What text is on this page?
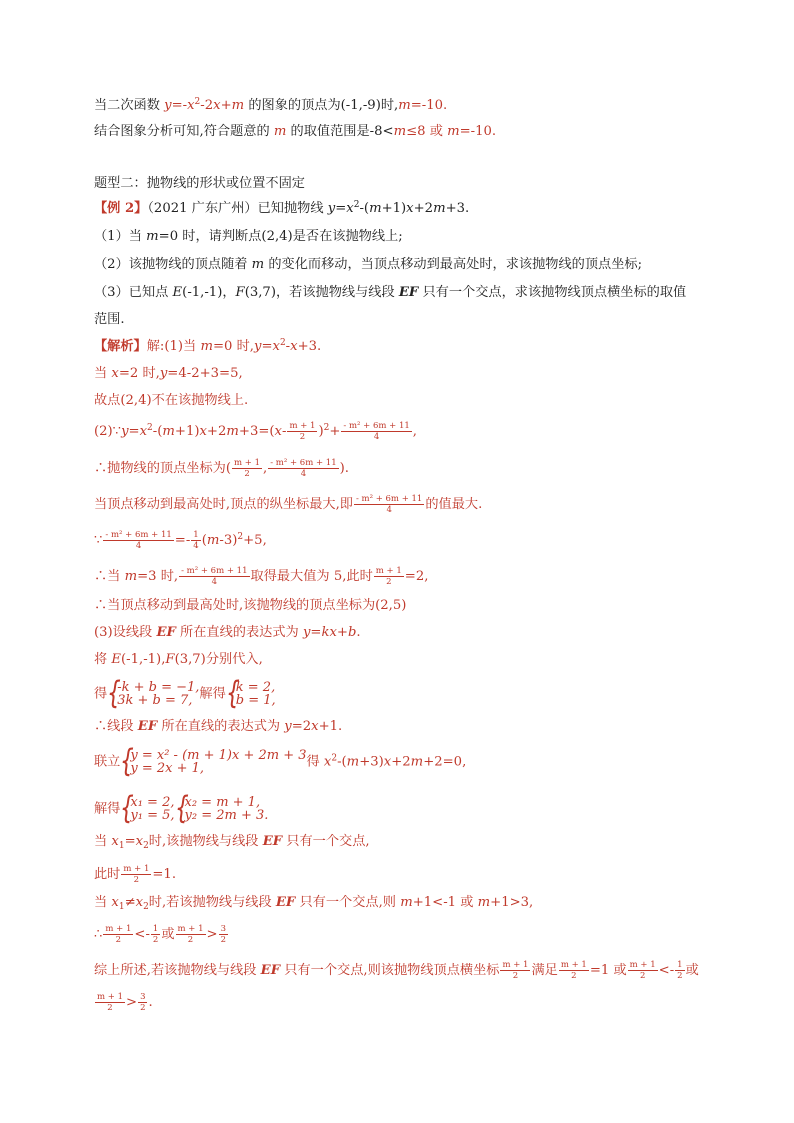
当二次函数 $y=-x^2-2x+m$ 的图象的顶点为(-1,-9)时,m=-10.
结合图象分析可知,符合题意的 m 的取值范围是-8<m≤8 或 m=-10.
题型二：抛物线的形状或位置不固定
【例 2】（2021 广东广州）已知抛物线 $y=x^2-(m+1)x+2m+3$.
（1）当 m=0 时，请判断点(2,4)是否在该抛物线上;
（2）该抛物线的顶点随着 m 的变化而移动，当顶点移动到最高处时，求该抛物线的顶点坐标;
（3）已知点 E(-1,-1)，F(3,7)，若该抛物线与线段 EF 只有一个交点，求该抛物线顶点横坐标的取值
范围.
【解析】解:(1)当 m=0 时$,y=x^2-x+3$.
当 x=2 时,y=4-2+3=5,
故点(2,4)不在该抛物线上.
$(2)\because y=x^2-(m+1)x+2m+3=(x- \frac{m + 1}{2} )^2+ \frac{\text{- m² + 6m + 11}}{4}$ ,
∴抛物线的顶点坐标为( $\frac{m + 1}{2}$ , $\frac{\text{- m² + 6m + 11}}{4}$ ).
当顶点移动到最高处时,顶点的纵坐标最大,即 $\frac{\text{- m² + 6m + 11}}{4}$ 的值最大.
∵ $\frac{\text{- m² + 6m + 11}}{4} =- \frac{1}{4} (m-3)^2+5$,
∴当 m=3 时, $\frac{\text{- m² + 6m + 11}}{4}$ 取得最大值为 5,此时 $\frac{m + 1}{2} =2$,
∴当顶点移动到最高处时,该抛物线的顶点坐标为(2,5)
(3)设线段 EF 所在直线的表达式为 y=kx+b.
将 E(-1,-1),F(3,7)分别代入,
得 {
-k + b = −1,
3k + b = 7, 解得 {
k = 2,
b = 1,
∴线段 EF 所在直线的表达式为 y=2x+1.
联立 {
y = x² - (m + 1)x + 2m + 3
y = 2x + 1,	得 $x^2-(m+3)x+2m+2=0$,
解得 {
x₁ = 2,
y₁ = 5, {
x₂ = m + 1,
y₂ = 2m + 3.
当 $x_1=x_2$时,该抛物线与线段 EF 只有一个交点,
此时 $\frac{m + 1}{2} =1$.
当 $x_1\ne x_2$时,若该抛物线与线段 EF 只有一个交点,则 m+1<-1 或 m+1>3,
∴ $\frac{m + 1}{2} <- \frac{1}{2}$ 或 $\frac{m + 1}{2} > \frac{3}{2}$
综上所述,若该抛物线与线段 EF 只有一个交点,则该抛物线顶点横坐标 $\frac{m + 1}{2}$ 满足 $\frac{m + 1}{2} =1$ 或 $\frac{m + 1}{2} <- \frac{1}{2}$ 或
$\frac{m + 1}{2} > \frac{3}{2}$ .
